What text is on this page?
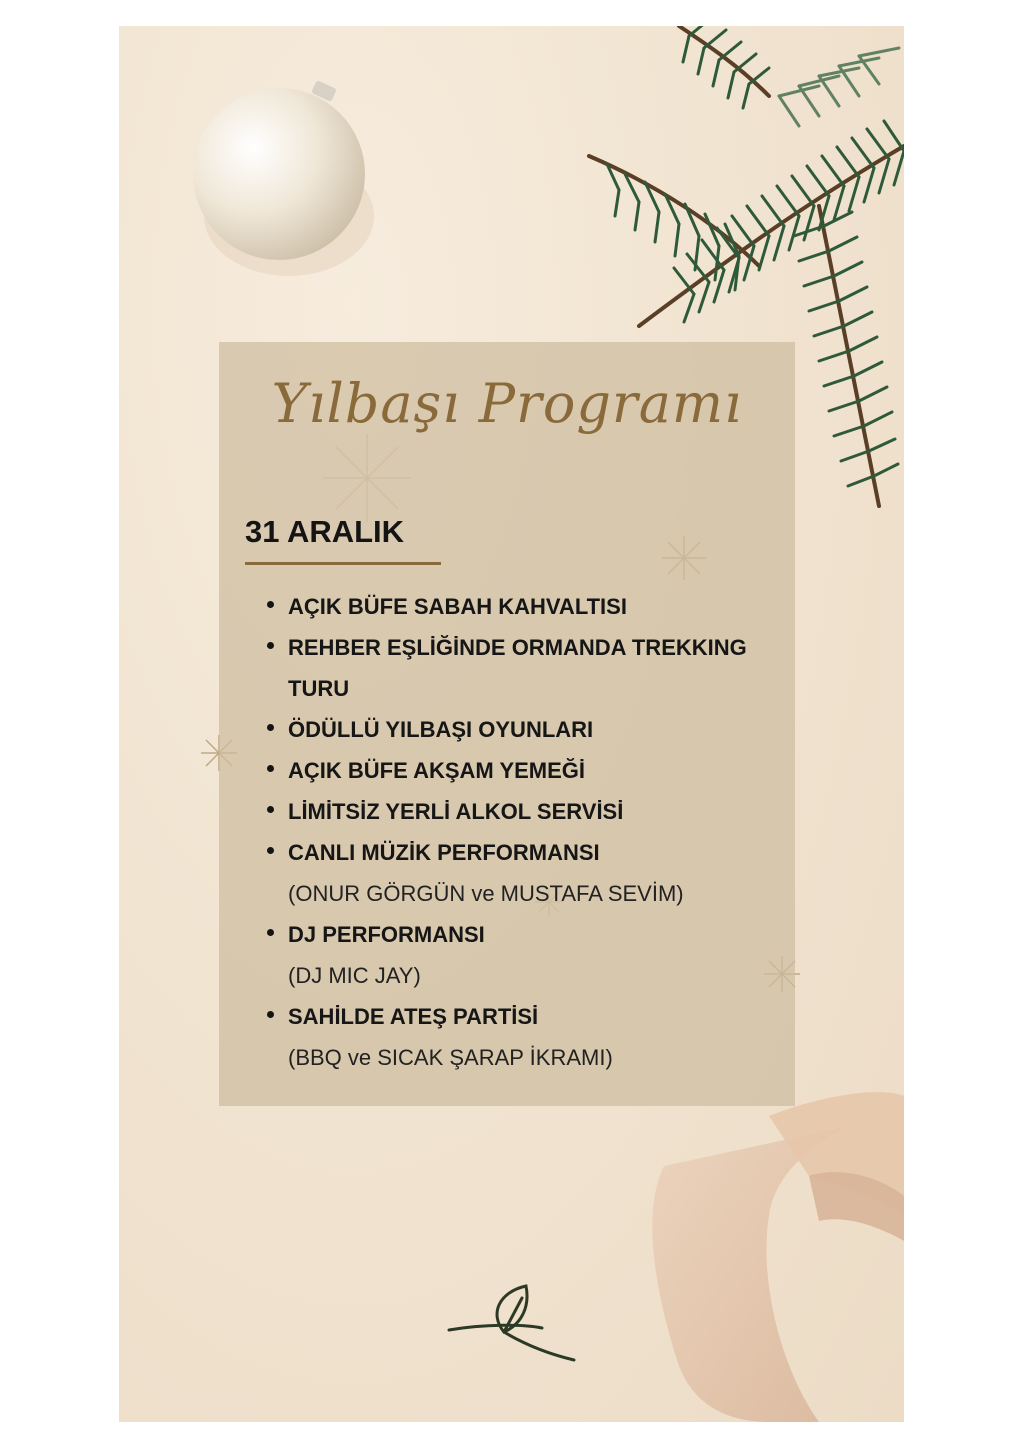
Yılbaşı Programı
31 ARALIK
AÇIK BÜFE SABAH KAHVALTISI
REHBER EŞLİĞİNDE ORMANDA TREKKING TURU
ÖDÜLLÜ YILBAŞI OYUNLARI
AÇIK BÜFE AKŞAM YEMEĞİ
LİMİTSİZ YERLİ ALKOL SERVİSİ
CANLI MÜZİK PERFORMANSI
(ONUR GÖRGÜN ve MUSTAFA SEVİM)
DJ PERFORMANSI
(DJ MIC JAY)
SAHİLDE ATEŞ PARTİSİ
(BBQ ve SICAK ŞARAP İKRAMI)
